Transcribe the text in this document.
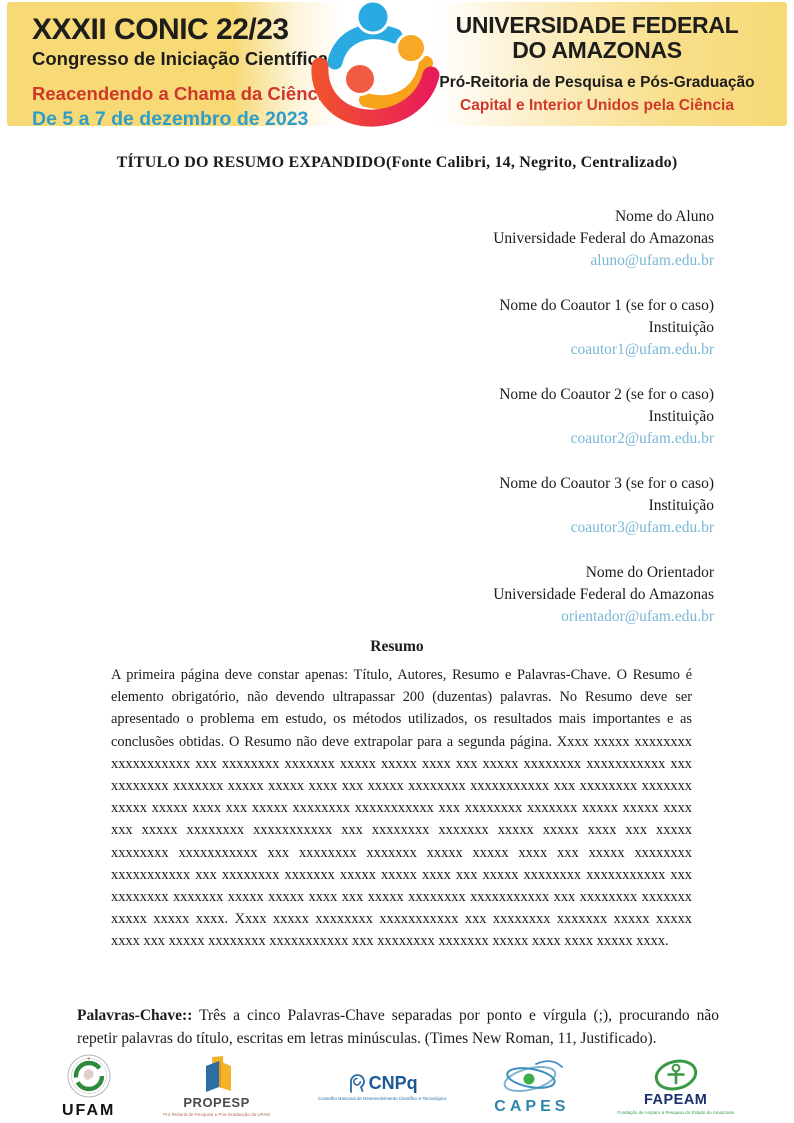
XXXII CONIC 22/23
Congresso de Iniciação Científica
Reacendendo a Chama da Ciência
De 5 a 7 de dezembro de 2023
UNIVERSIDADE FEDERAL
DO AMAZONAS
Pró-Reitoria de Pesquisa e Pós-Graduação
Capital e Interior Unidos pela Ciência
TÍTULO DO RESUMO EXPANDIDO(Fonte Calibri, 14, Negrito, Centralizado)
Nome do Aluno
Universidade Federal do Amazonas
aluno@ufam.edu.br
Nome do Coautor 1 (se for o caso)
Instituição
coautor1@ufam.edu.br
Nome do Coautor 2 (se for o caso)
Instituição
coautor2@ufam.edu.br
Nome do Coautor 3 (se for o caso)
Instituição
coautor3@ufam.edu.br
Nome do Orientador
Universidade Federal do Amazonas
orientador@ufam.edu.br
Resumo

A primeira página deve constar apenas: Título, Autores, Resumo e Palavras-Chave. O Resumo é elemento obrigatório, não devendo ultrapassar 200 (duzentas) palavras. No Resumo deve ser apresentado o problema em estudo, os métodos utilizados, os resultados mais importantes e as conclusões obtidas. O Resumo não deve extrapolar para a segunda página. Xxxx xxxxx xxxxxxxx xxxxxxxxxxx xxx xxxxxxxx xxxxxxx xxxxx xxxxx xxxx xxx xxxxx xxxxxxxx xxxxxxxxxxx xxx xxxxxxxx xxxxxxx xxxxx xxxxx xxxx xxx xxxxx xxxxxxxx xxxxxxxxxxx xxx xxxxxxxx xxxxxxx xxxxx xxxxx xxxx xxx xxxxx xxxxxxxx xxxxxxxxxxx xxx xxxxxxxx xxxxxxx xxxxx xxxxx xxxx xxx xxxxx xxxxxxxx xxxxxxxxxxx xxx xxxxxxxx xxxxxxx xxxxx xxxxx xxxx xxx xxxxx xxxxxxxx xxxxxxxxxxx xxx xxxxxxxx xxxxxxx xxxxx xxxxx xxxx xxx xxxxx xxxxxxxx xxxxxxxxxxx xxx xxxxxxxx xxxxxxx xxxxx xxxxx xxxx xxx xxxxx xxxxxxxx xxxxxxxxxxx xxx xxxxxxxx xxxxxxx xxxxx xxxxx xxxx xxx xxxxx xxxxxxxx xxxxxxxxxxx xxx xxxxxxxx xxxxxxx xxxxx xxxxx xxxx. Xxxx xxxxx xxxxxxxx xxxxxxxxxxx xxx xxxxxxxx xxxxxxx xxxxx xxxxx xxxx xxx xxxxx xxxxxxxx xxxxxxxxxxx xxx xxxxxxxx xxxxxxx xxxxx xxxx xxxx xxxxx xxxx.

Palavras-Chave:: Três a cinco Palavras-Chave separadas por ponto e vírgula (;), procurando não repetir palavras do título, escritas em letras minúsculas. (Times New Roman, 11, Justificado).

UFAM	PROPESP
Pró-Reitoria de Pesquisa e Pós-Graduação da UFAM
CNPq
Conselho Nacional de Desenvolvimento Científico e Tecnológico	CAPES	FAPEAM
Fundação de Amparo à Pesquisa do Estado do Amazonas
